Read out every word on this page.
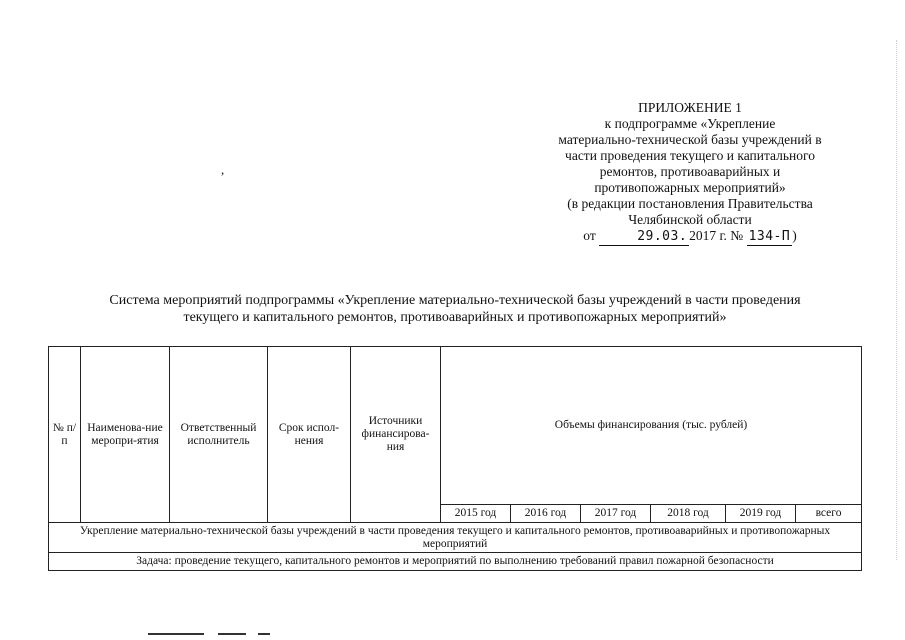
ПРИЛОЖЕНИЕ 1
к подпрограмме «Укрепление
материально-технической базы учреждений в
части проведения текущего и капитального
ремонтов, противоаварийных и
противопожарных мероприятий»
(в редакции постановления Правительства
Челябинской области
от	29.03. 2017 г. № 134-П )
,
Система мероприятий подпрограммы «Укрепление материально-технической базы учреждений в части проведения
текущего и капитального ремонтов, противоаварийных и противопожарных мероприятий»
№ п/п	Наименова-ние меропри-ятия	Ответственный исполнитель	Срок испол-нения	Источники финансирова-ния	Объемы финансирования (тыс. рублей)					
					2015 год	2016 год	2017 год	2018 год	2019 год	всего
Укрепление материально-технической базы учреждений в части проведения текущего и капитального ремонтов, противоаварийных и противопожарных мероприятий										
Задача: проведение текущего, капитального ремонтов и мероприятий по выполнению требований правил пожарной безопасности										
